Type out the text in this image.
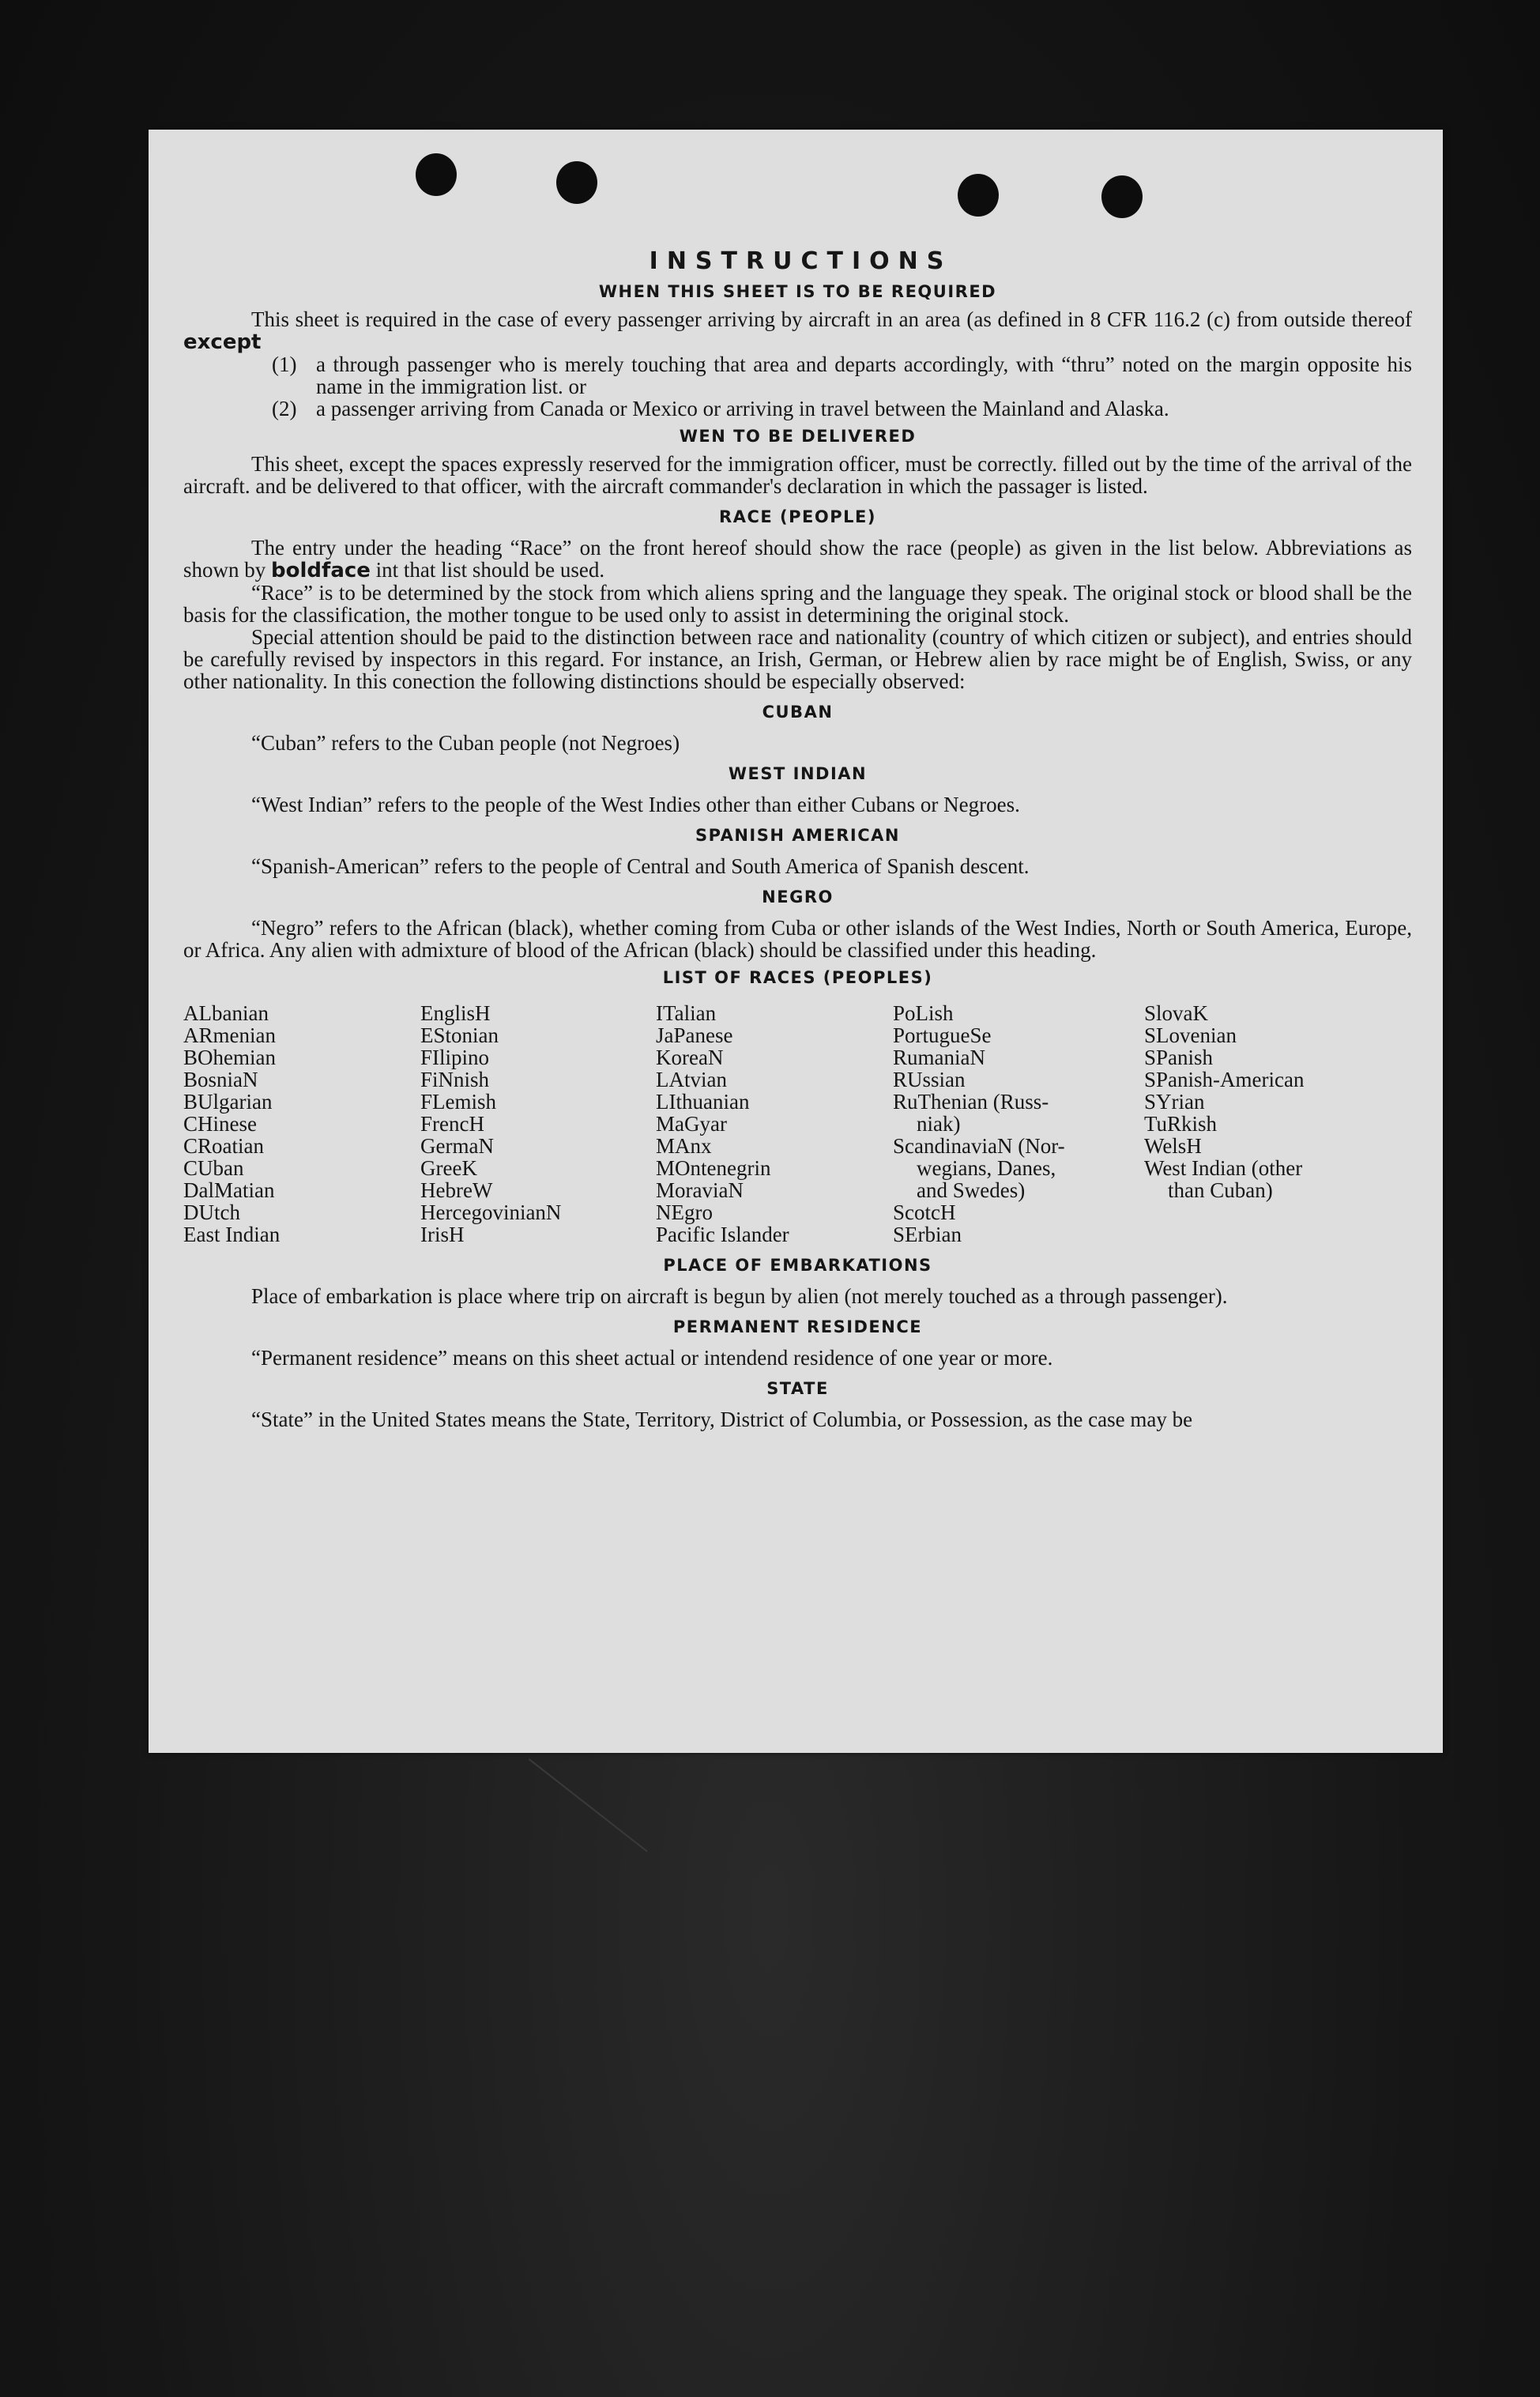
INSTRUCTIONS
WHEN THIS SHEET IS TO BE REQUIRED

This sheet is required in the case of every passenger arriving by aircraft in an area (as defined in 8 CFR 116.2 (c) from outside thereof except

(1) a through passenger who is merely touching that area and departs accordingly, with “thru” noted on the margin opposite his name in the immigration list. or
(2) a passenger arriving from Canada or Mexico or arriving in travel between the Mainland and Alaska.
WEN TO BE DELIVERED

This sheet, except the spaces expressly reserved for the immigration officer, must be correctly. filled out by the time of the arrival of the aircraft. and be delivered to that officer, with the aircraft commander's declaration in which the passager is listed.

RACE (PEOPLE)

The entry under the heading “Race” on the front hereof should show the race (people) as given in the list below. Abbreviations as shown by boldface int that list should be used.

“Race” is to be determined by the stock from which aliens spring and the language they speak. The original stock or blood shall be the basis for the classification, the mother tongue to be used only to assist in determining the original stock.

Special attention should be paid to the distinction between race and nationality (country of which citizen or subject), and entries should be carefully revised by inspectors in this regard. For instance, an Irish, German, or Hebrew alien by race might be of English, Swiss, or any other nationality. In this conection the following distinctions should be especially observed:

CUBAN

“Cuban” refers to the Cuban people (not Negroes)

WEST INDIAN

“West Indian” refers to the people of the West Indies other than either Cubans or Negroes.

SPANISH AMERICAN

“Spanish-American” refers to the people of Central and South America of Spanish descent.

NEGRO

“Negro” refers to the African (black), whether coming from Cuba or other islands of the West Indies, North or South America, Europe, or Africa. Any alien with admixture of blood of the African (black) should be classified under this heading.

LIST OF RACES (PEOPLES)
ALbanian
ARmenian
BOhemian
BosniaN
BUlgarian
CHinese
CRoatian
CUban
DalMatian
DUtch
East Indian
EnglisH
EStonian
FIlipino
FiNnish
FLemish
FrencH
GermaN
GreeK
HebreW
HercegovinianN
IrisH
ITalian
JaPanese
KoreaN
LAtvian
LIthuanian
MaGyar
MAnx
MOntenegrin
MoraviaN
NEgro
Pacific Islander
PoLish
PortugueSe
RumaniaN
RUssian
RuThenian (Russ-
niak)
ScandinaviaN (Nor-
wegians, Danes,
and Swedes)
ScotcH
SErbian
SlovaK
SLovenian
SPanish
SPanish-American
SYrian
TuRkish
WelsH
West Indian (other
than Cuban)
PLACE OF EMBARKATIONS

Place of embarkation is place where trip on aircraft is begun by alien (not merely touched as a through passenger).

PERMANENT RESIDENCE

“Permanent residence” means on this sheet actual or intendend residence of one year or more.

STATE

“State” in the United States means the State, Territory, District of Columbia, or Possession, as the case may be
